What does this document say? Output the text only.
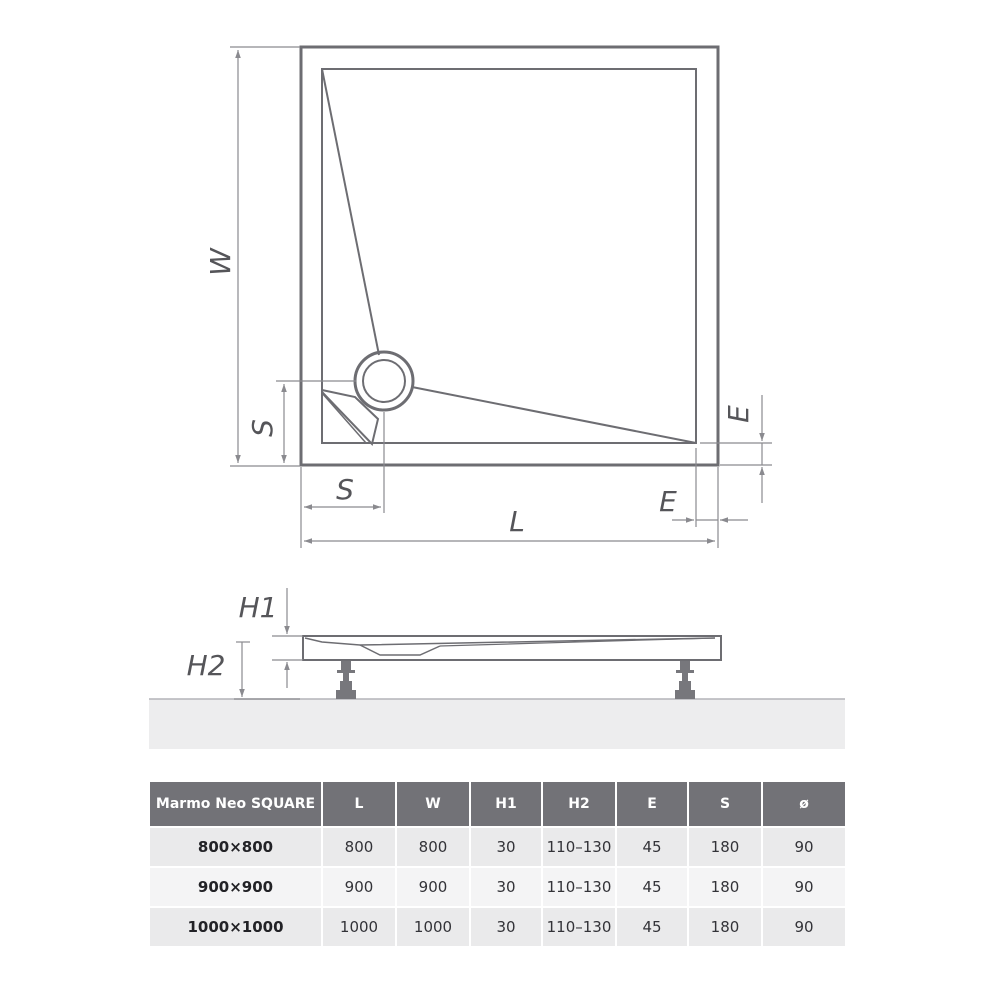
W
S
S
L
E
E
H1
H2
Marmo Neo SQUARE	L	W	H1	H2	E	S	ø
800×800	800	800	30	110–130	45	180	90
900×900	900	900	30	110–130	45	180	90
1000×1000	1000	1000	30	110–130	45	180	90
